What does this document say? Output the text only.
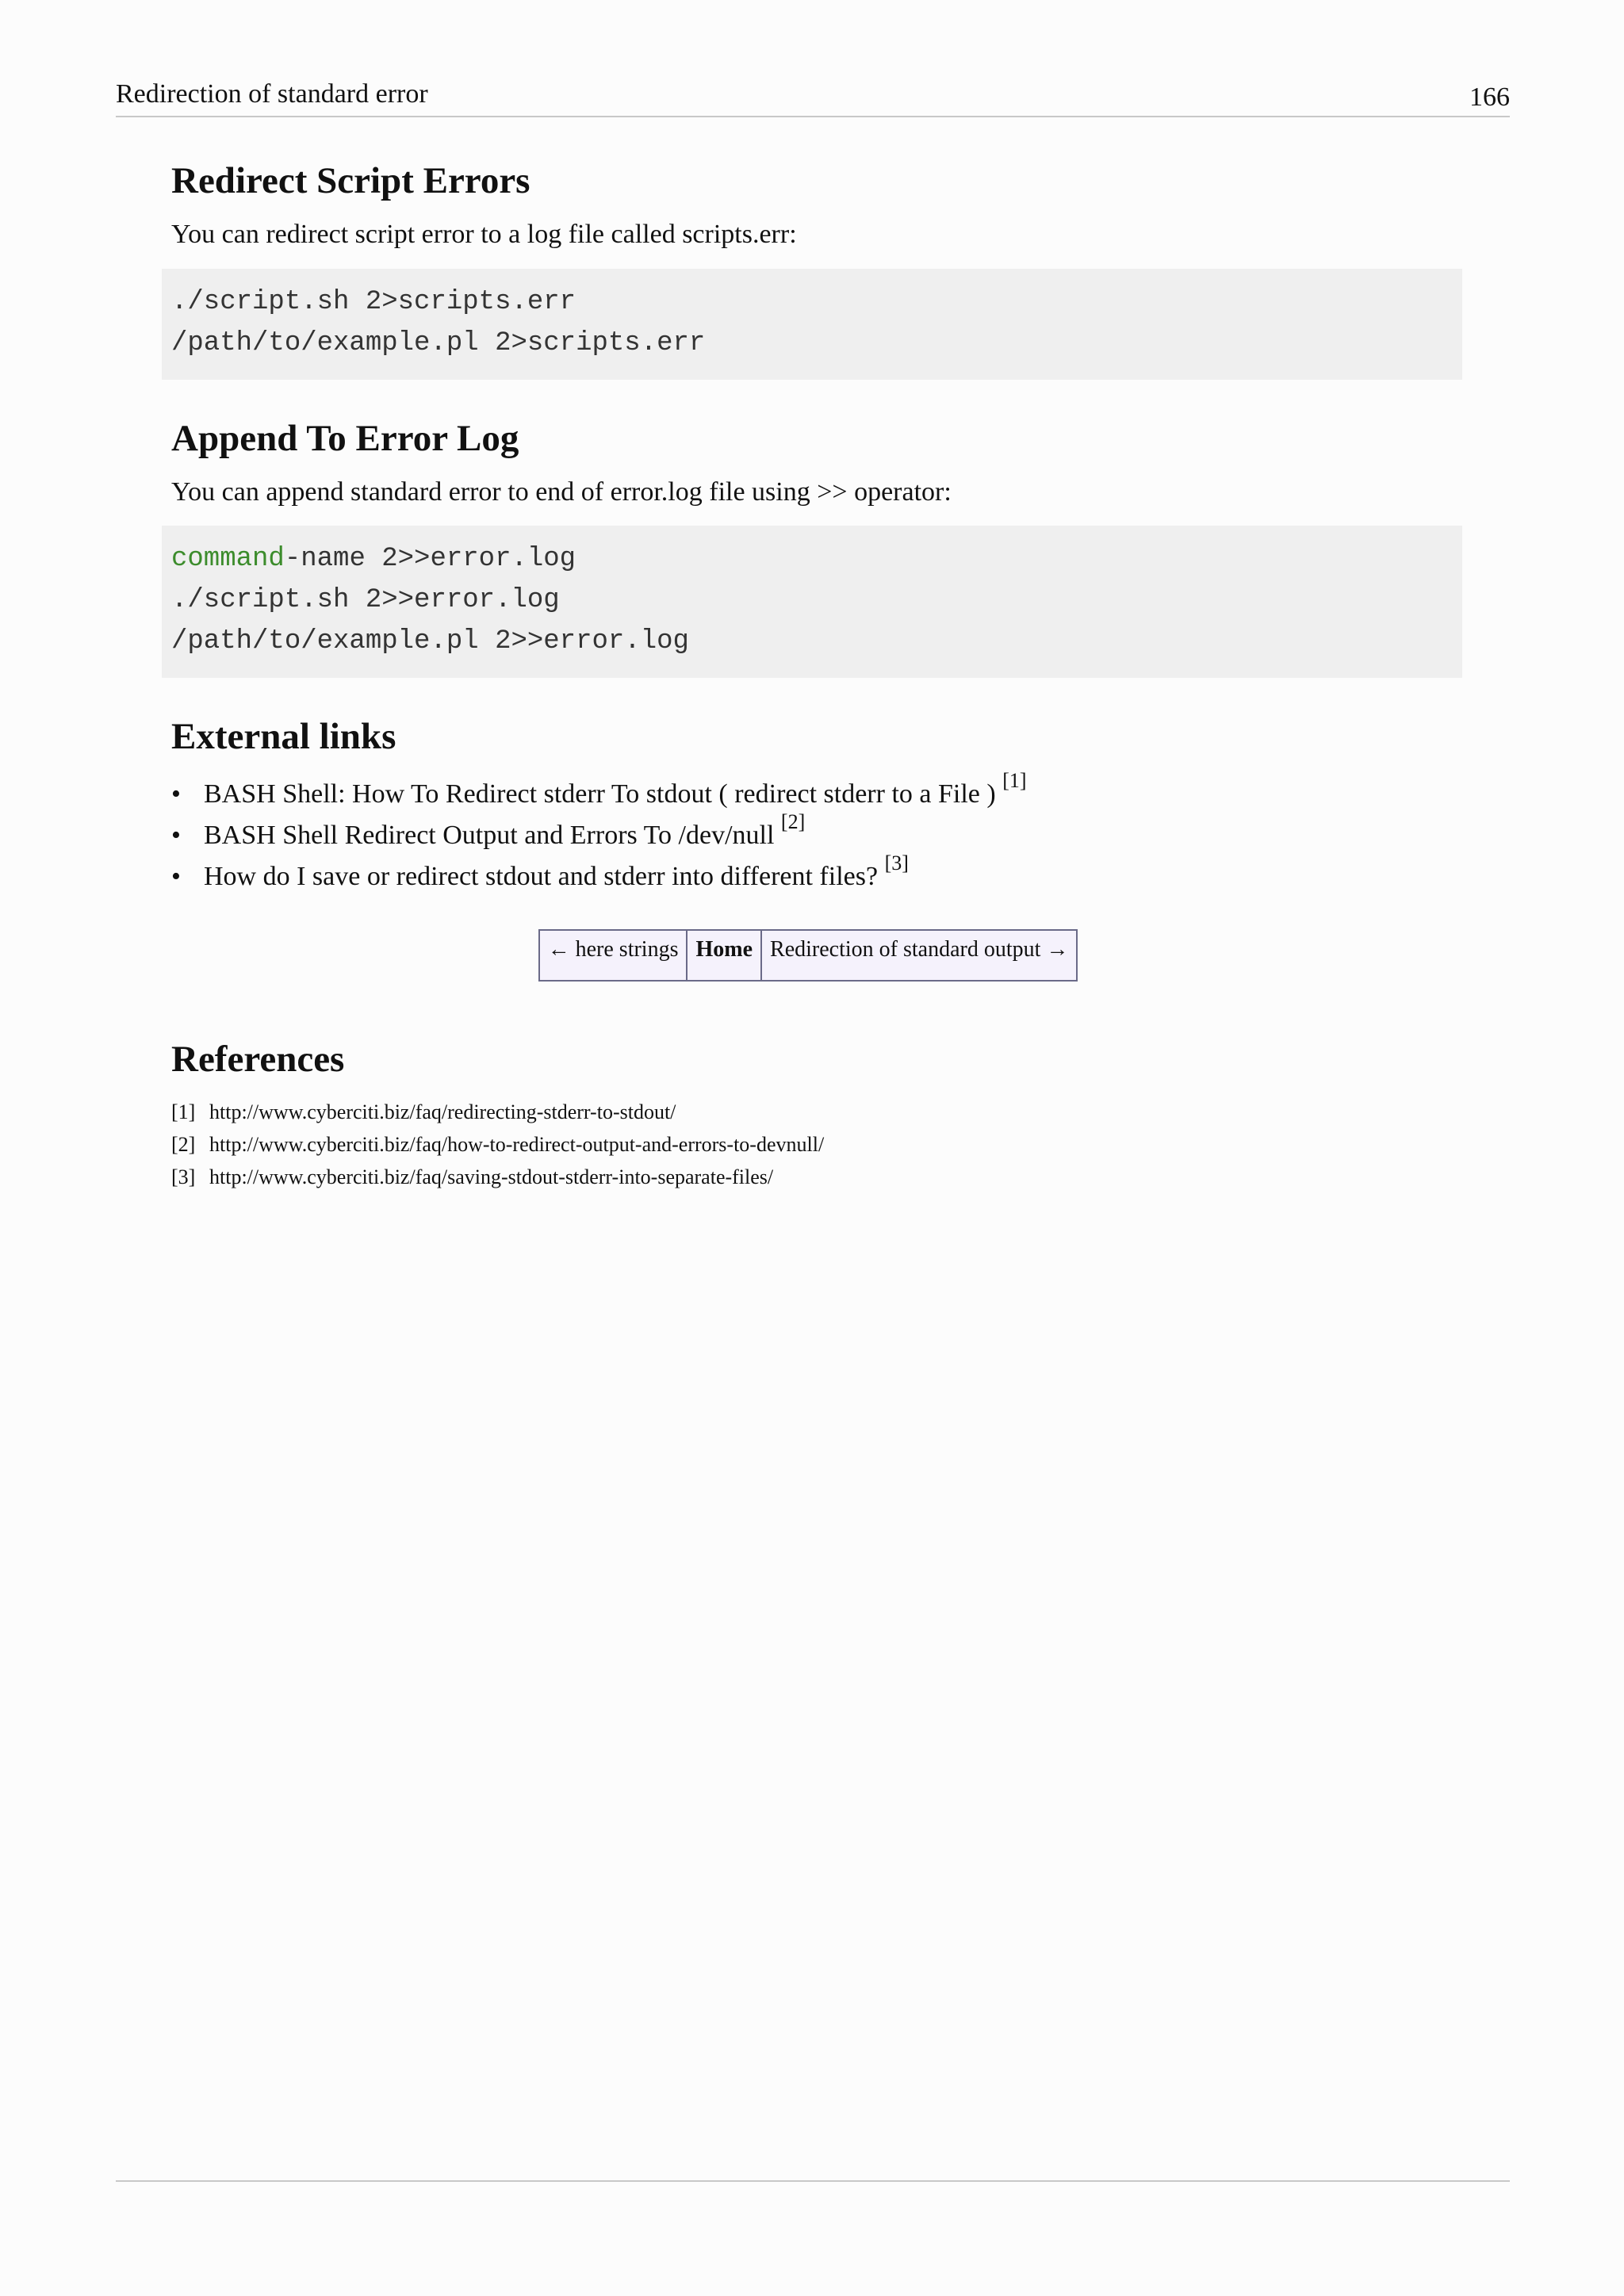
Redirection of standard error	166
Redirect Script Errors

You can redirect script error to a log file called scripts.err:

./script.sh 2>scripts.err
/path/to/example.pl 2>scripts.err
Append To Error Log

You can append standard error to end of error.log file using >> operator:

command-name 2>>error.log
./script.sh 2>>error.log
/path/to/example.pl 2>>error.log
External links
• BASH Shell: How To Redirect stderr To stdout ( redirect stderr to a File ) [1]
• BASH Shell Redirect Output and Errors To /dev/null [2]
• How do I save or redirect stdout and stderr into different files? [3]
← here strings	Home	Redirection of standard output →
References
[1] http://www.cyberciti.biz/faq/redirecting-stderr-to-stdout/
[2] http://www.cyberciti.biz/faq/how-to-redirect-output-and-errors-to-devnull/
[3] http://www.cyberciti.biz/faq/saving-stdout-stderr-into-separate-files/
